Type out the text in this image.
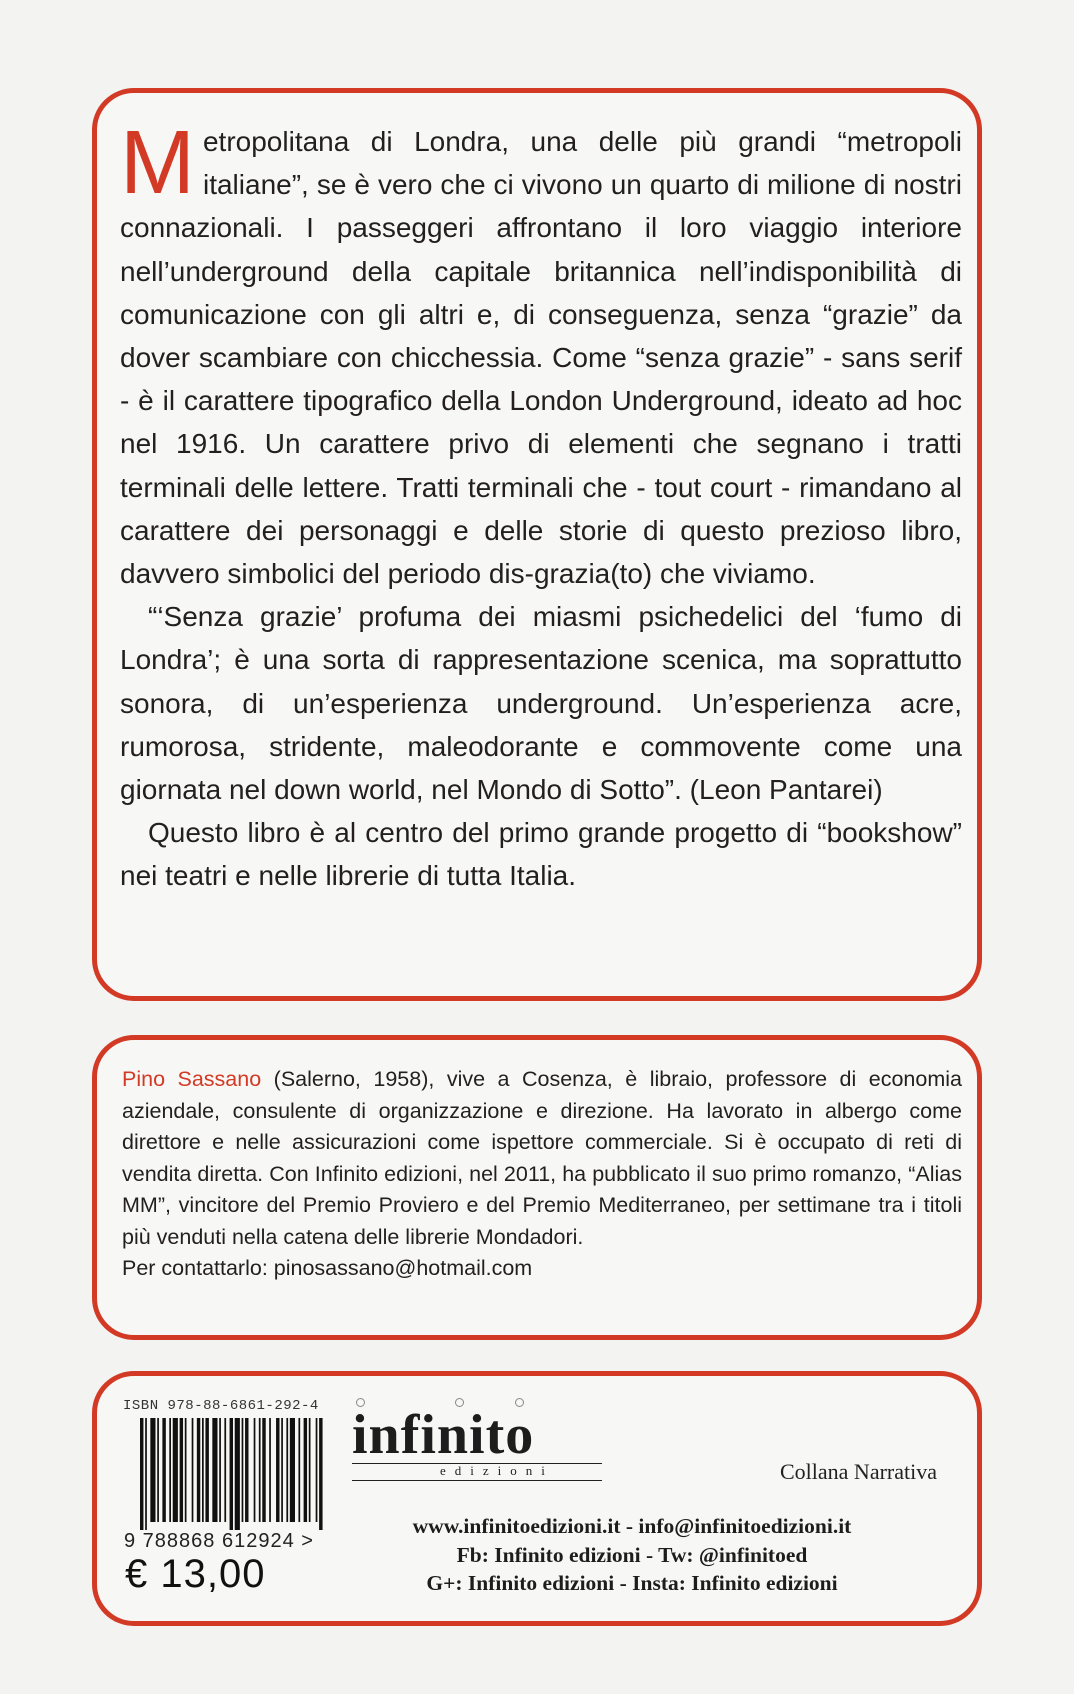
Metropolitana di Londra, una delle più grandi “metropoli italiane”, se è vero che ci vivono un quarto di milione di nostri connazionali. I passeggeri affrontano il loro viaggio interiore nell’underground della capitale britannica nell’indisponibilità di comunicazione con gli altri e, di conseguenza, senza “grazie” da dover scambiare con chicchessia. Come “senza grazie” - sans serif - è il carattere tipografico della London Underground, ideato ad hoc nel 1916. Un carattere privo di elementi che segnano i tratti terminali delle lettere. Tratti terminali che - tout court - rimandano al carattere dei personaggi e delle storie di questo prezioso libro, davvero simbolici del periodo dis-grazia(to) che viviamo.

“‘Senza grazie’ profuma dei miasmi psichedelici del ‘fumo di Londra’; è una sorta di rappresentazione scenica, ma soprattutto sonora, di un’esperienza underground. Un’esperienza acre, rumorosa, stridente, maleodorante e commovente come una giornata nel down world, nel Mondo di Sotto”. (Leon Pantarei)

Questo libro è al centro del primo grande progetto di “bookshow” nei teatri e nelle librerie di tutta Italia.

Pino Sassano (Salerno, 1958), vive a Cosenza, è libraio, professore di economia aziendale, consulente di organizzazione e direzione. Ha lavorato in albergo come direttore e nelle assicurazioni come ispettore commerciale. Si è occupato di reti di vendita diretta. Con Infinito edizioni, nel 2011, ha pubblicato il suo primo romanzo, “Alias MM”, vincitore del Premio Proviero e del Premio Mediterraneo, per settimane tra i titoli più venduti nella catena delle librerie Mondadori.

Per contattarlo: pinosassano@hotmail.com

ISBN 978-88-6861-292-4
9 788868 612924 >
€ 13,00
infinito
edizioni	Collana Narrativa
www.infinitoedizioni.it - info@infinitoedizioni.it
Fb: Infinito edizioni - Tw: @infinitoed
G+: Infinito edizioni - Insta: Infinito edizioni
